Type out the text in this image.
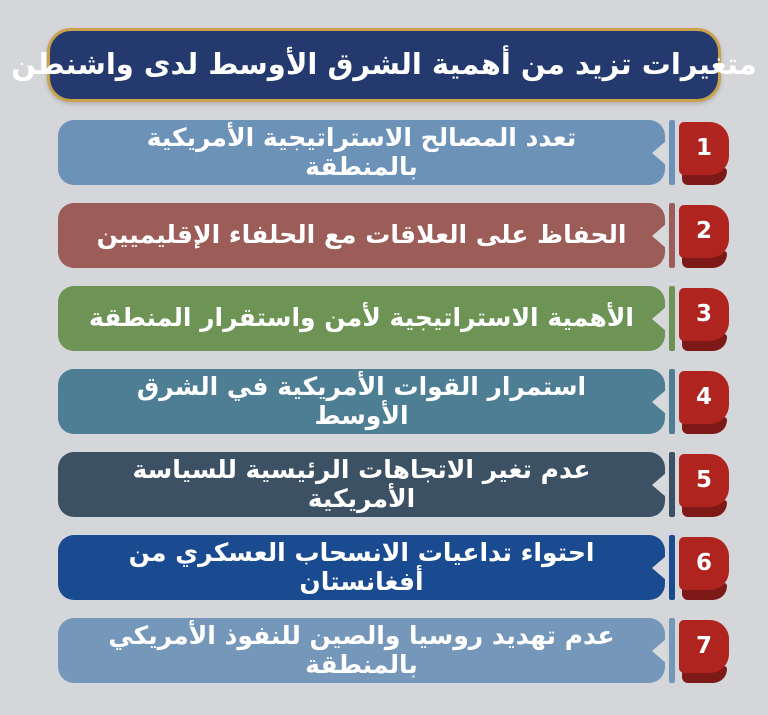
متغيرات تزيد من أهمية الشرق الأوسط لدى واشنطن
1
تعدد المصالح الاستراتيجية الأمريكية بالمنطقة
2
الحفاظ على العلاقات مع الحلفاء الإقليميين
3
الأهمية الاستراتيجية لأمن واستقرار المنطقة
4
استمرار القوات الأمريكية في الشرق الأوسط
5
عدم تغير الاتجاهات الرئيسية للسياسة الأمريكية
6
احتواء تداعيات الانسحاب العسكري من أفغانستان
7
عدم تهديد روسيا والصين للنفوذ الأمريكي بالمنطقة
